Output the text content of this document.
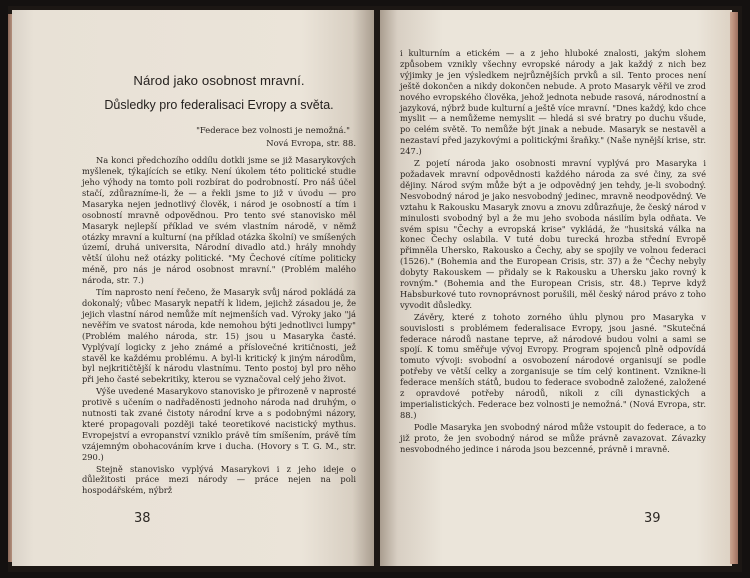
Národ jako osobnost mravní.
Důsledky pro federalisaci Evropy a světa.
"Federace bez volnosti je nemožná."
Nová Evropa, str. 88.

Na konci předchozího oddílu dotkli jsme se již Masarykových myšlenek, týkajících se etiky. Není úkolem této politické studie jeho výhody na tomto poli rozbírat do podrobností. Pro náš účel stačí, zdůrazníme-li, že — a řekli jsme to již v úvodu — pro Masaryka nejen jednotlivý člověk, i národ je osobností a tím i osobností mravně odpovědnou. Pro tento své stanovisko měl Masaryk nejlepší příklad ve svém vlastním národě, v němž otázky mravní a kulturní (na příklad otázka školní) ve smíšených území, druhá universita, Národní divadlo atd.) hrály mnohdy větší úlohu než otázky politické. "My Čechové cítíme politicky méně, pro nás je národ osobnost mravní." (Problém malého národa, str. 7.)

Tím naprosto není řečeno, že Masaryk svůj národ pokládá za dokonalý; vůbec Masaryk nepatří k lidem, jejichž zásadou je, že jejich vlastní národ nemůže mít nejmenších vad. Výroky jako "já nevěřím ve svatost národa, kde nemohou býti jednotlivci lumpy" (Problém malého národa, str. 15) jsou u Masaryka časté. Vyplývají logicky z jeho známé a příslovečné kritičnosti, jež stavěl ke každému problému. A byl-li kritický k jiným národům, byl nejkritičtější k národu vlastnímu. Tento postoj byl pro něho při jeho časté sebekritiky, kterou se vyznačoval celý jeho život.

Výše uvedené Masarykovo stanovisko je přirozeně v naprosté protivě s učením o nadřaděnosti jednoho národa nad druhým, o nutnosti tak zvané čistoty národní krve a s podobnými názory, které propagovali později také teoretikové nacistický mythus. Evropejství a evropanství vzniklo právě tím smíšením, právě tím vzájemným obohacováním krve i ducha. (Hovory s T. G. M., str. 290.)

Stejně stanovisko vyplývá Masarykovi i z jeho ideje o důležitosti práce mezi národy — práce nejen na poli hospodářském, nýbrž

38

i kulturním a etickém — a z jeho hluboké znalosti, jakým slohem způsobem vznikly všechny evropské národy a jak každý z nich bez výjimky je jen výsledkem nejrůznějších prvků a sil. Tento proces není ještě dokončen a nikdy dokončen nebude. A proto Masaryk věřil ve zrod nového evropského člověka, jehož jednota nebude rasová, národnostní a jazyková, nýbrž bude kulturní a ještě více mravní. "Dnes každý, kdo chce myslit — a nemůžeme nemyslit — hledá si své bratry po duchu všude, po celém světě. To nemůže být jinak a nebude. Masaryk se nestavěl a nezastaví před jazykovými a politickými šraňky." (Naše nynější krise, str. 247.)

Z pojetí národa jako osobnosti mravní vyplývá pro Masaryka i požadavek mravní odpovědnosti každého národa za své činy, za své dějiny. Národ svým může být a je odpovědný jen tehdy, je-li svobodný. Nesvobodný národ je jako nesvobodný jedinec, mravně neodpovědný. Ve vztahu k Rakousku Masaryk znovu a znovu zdůrazňuje, že český národ v minulosti svobodný byl a že mu jeho svoboda násilím byla odňata. Ve svém spisu "Čechy a evropská krise" vykládá, že "husitská válka na konec Čechy oslabila. V tuté dobu turecká hrozba střední Evropě přimněla Uhersko, Rakousko a Čechy, aby se spojily ve volnou federaci (1526)." (Bohemia and the European Crisis, str. 37) a že "Čechy nebyly dobyty Rakouskem — přidaly se k Rakousku a Uhersku jako rovný k rovným." (Bohemia and the European Crisis, str. 48.) Teprve když Habsburkové tuto rovnoprávnost porušili, měl český národ právo z toho vyvodit důsledky.

Závěry, které z tohoto zorného úhlu plynou pro Masaryka v souvislosti s problémem federalisace Evropy, jsou jasné. "Skutečná federace národů nastane teprve, až národové budou volni a sami se spojí. K tomu směřuje vývoj Evropy. Program spojenců plně odpovídá tomuto vývoji: svobodní a osvobození národové organisují se podle potřeby ve větší celky a zorganisuje se tím celý kontinent. Vznikne-li federace menších států, budou to federace svobodně založené, založené z opravdové potřeby národů, nikoli z cíli dynastických a imperialistických. Federace bez volnosti je nemožná." (Nová Evropa, str. 88.)

Podle Masaryka jen svobodný národ může vstoupit do federace, a to již proto, že jen svobodný národ se může právně zavazovat. Závazky nesvobodného jedince i národa jsou bezcenné, právně i mravně.

39
